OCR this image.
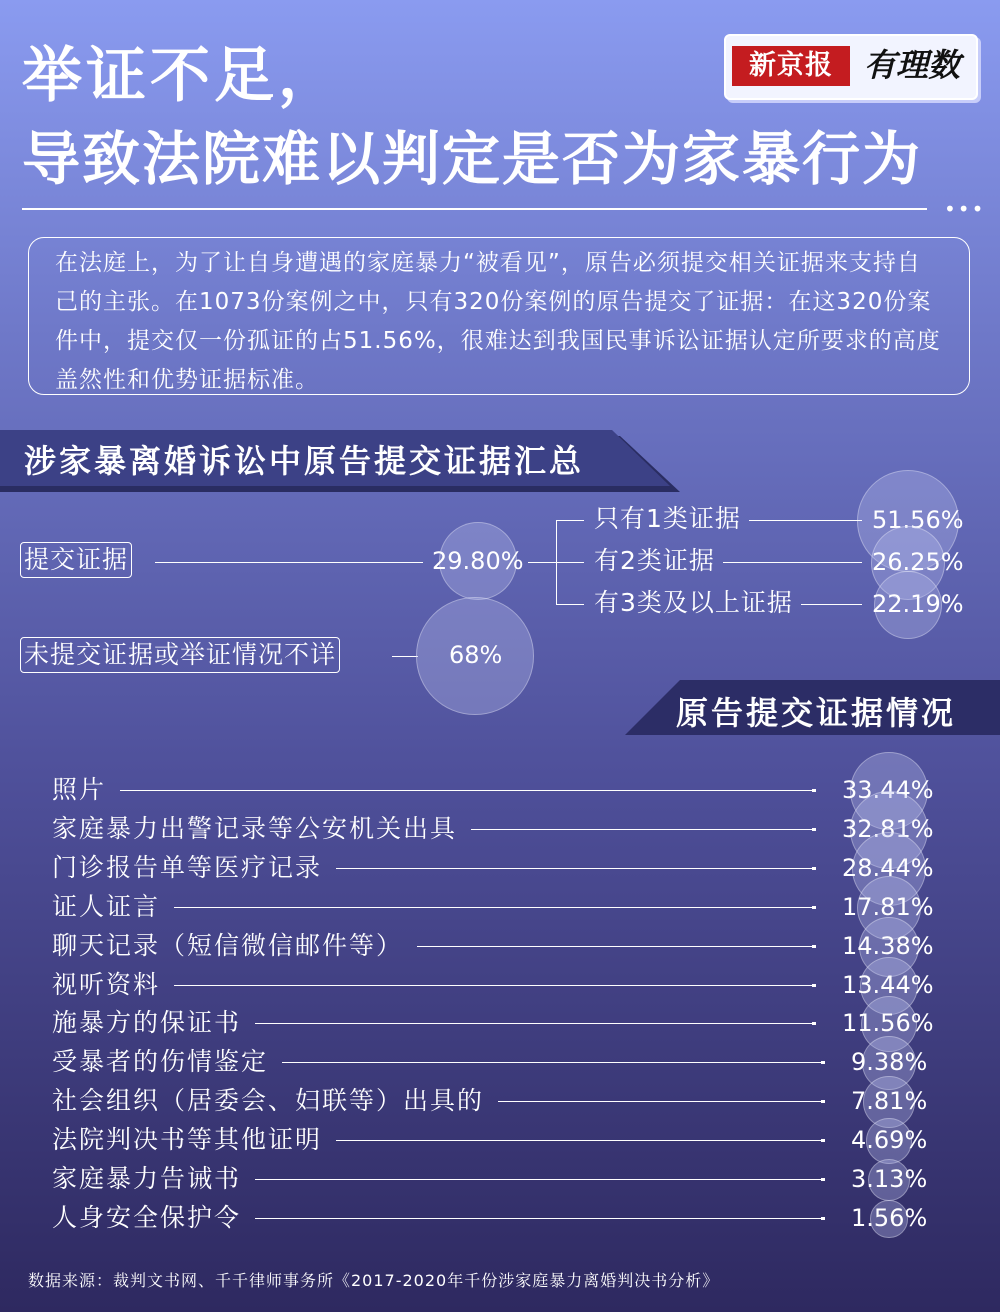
举证不足，
导致法院难以判定是否为家暴行为
新京报 有理数
•••
在法庭上，为了让自身遭遇的家庭暴力“被看见”，原告必须提交相关证据来支持自己的主张。在1073份案例之中，只有320份案例的原告提交了证据：在这320份案件中，提交仅一份孤证的占51.56%，很难达到我国民事诉讼证据认定所要求的高度盖然性和优势证据标准。
涉家暴离婚诉讼中原告提交证据汇总
提交证据	29.80%
只有1类证据	51.56%
有2类证据	26.25%
有3类及以上证据	22.19%
未提交证据或举证情况不详	68%
原告提交证据情况
照片	33.44%
家庭暴力出警记录等公安机关出具	32.81%
门诊报告单等医疗记录	28.44%
证人证言	17.81%
聊天记录（短信微信邮件等）	14.38%
视听资料	13.44%
施暴方的保证书	11.56%
受暴者的伤情鉴定	9.38%
社会组织（居委会、妇联等）出具的	7.81%
法院判决书等其他证明	4.69%
家庭暴力告诫书	3.13%
人身安全保护令	1.56%
数据来源：裁判文书网、千千律师事务所《2017-2020年千份涉家庭暴力离婚判决书分析》
